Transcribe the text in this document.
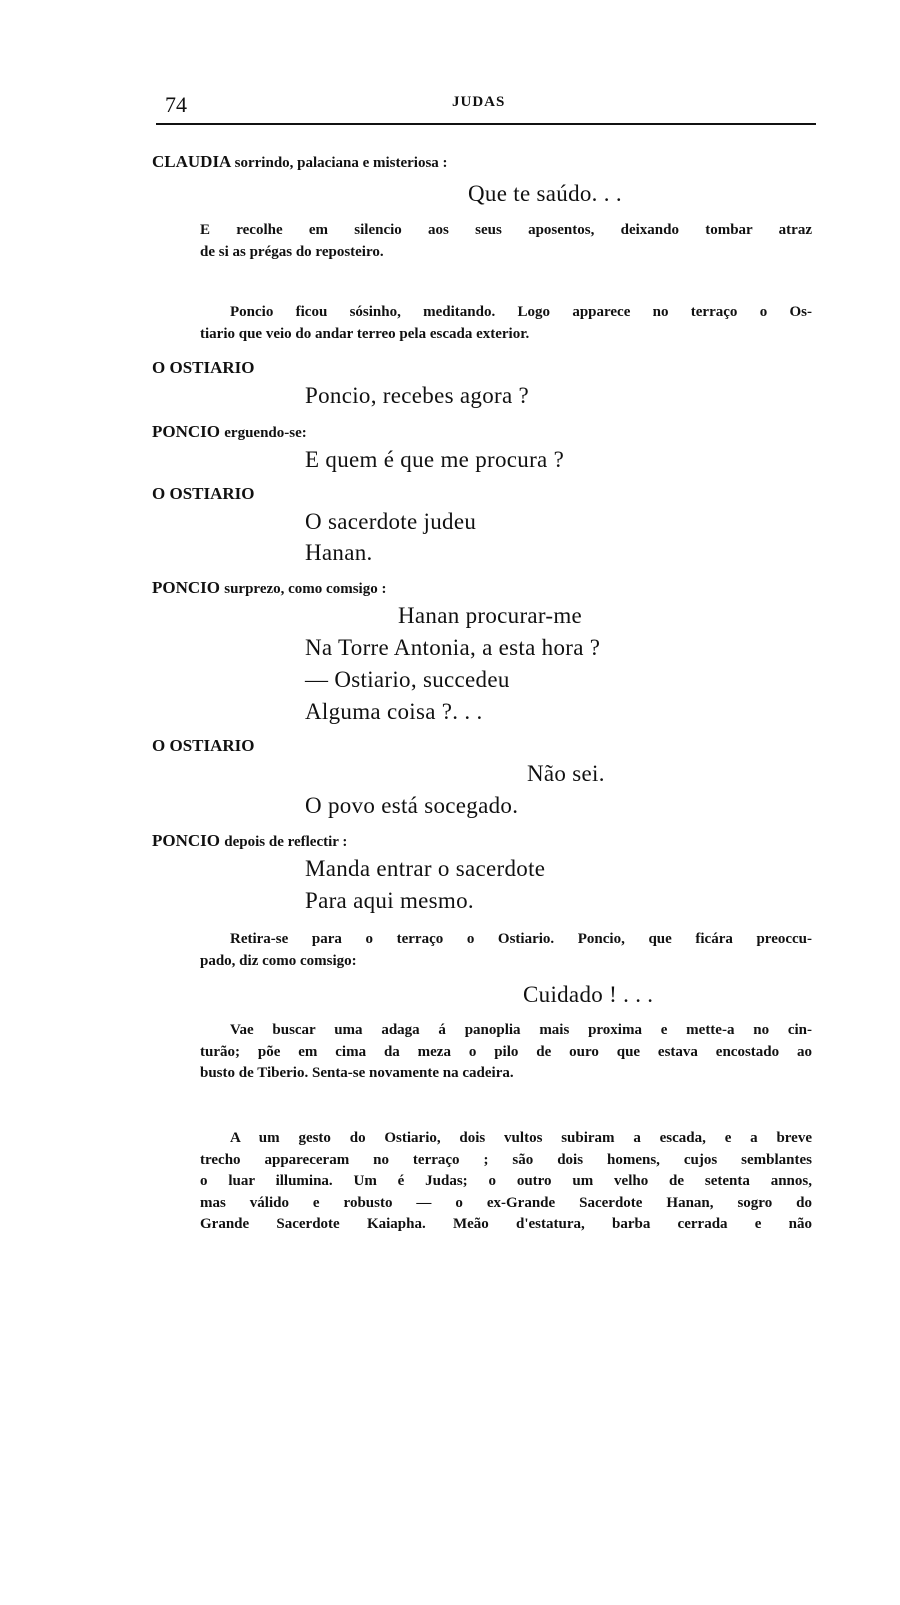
74	JUDAS
CLAUDIA sorrindo, palaciana e misteriosa :
Que te saúdo. . .
E recolhe em silencio aos seus aposentos, deixando tombar atraz
de si as prégas do reposteiro.
Poncio ficou sósinho, meditando. Logo apparece no terraço o Os-
tiario que veio do andar terreo pela escada exterior.
O OSTIARIO
Poncio, recebes agora ?
PONCIO erguendo-se:
E quem é que me procura ?
O OSTIARIO
O sacerdote judeu
Hanan.
PONCIO surprezo, como comsigo :
Hanan procurar-me
Na Torre Antonia, a esta hora ?
— Ostiario, succedeu
Alguma coisa ?. . .
O OSTIARIO
Não sei.
O povo está socegado.
PONCIO depois de reflectir :
Manda entrar o sacerdote
Para aqui mesmo.
Retira-se para o terraço o Ostiario. Poncio, que ficára preoccu-
pado, diz como comsigo:
Cuidado ! . . .
Vae buscar uma adaga á panoplia mais proxima e mette-a no cin-
turão; põe em cima da meza o pilo de ouro que estava encostado ao
busto de Tiberio. Senta-se novamente na cadeira.
A um gesto do Ostiario, dois vultos subiram a escada, e a breve
trecho appareceram no terraço ; são dois homens, cujos semblantes
o luar illumina. Um é Judas; o outro um velho de setenta annos,
mas válido e robusto — o ex-Grande Sacerdote Hanan, sogro do
Grande Sacerdote Kaiapha. Meão d'estatura, barba cerrada e não
